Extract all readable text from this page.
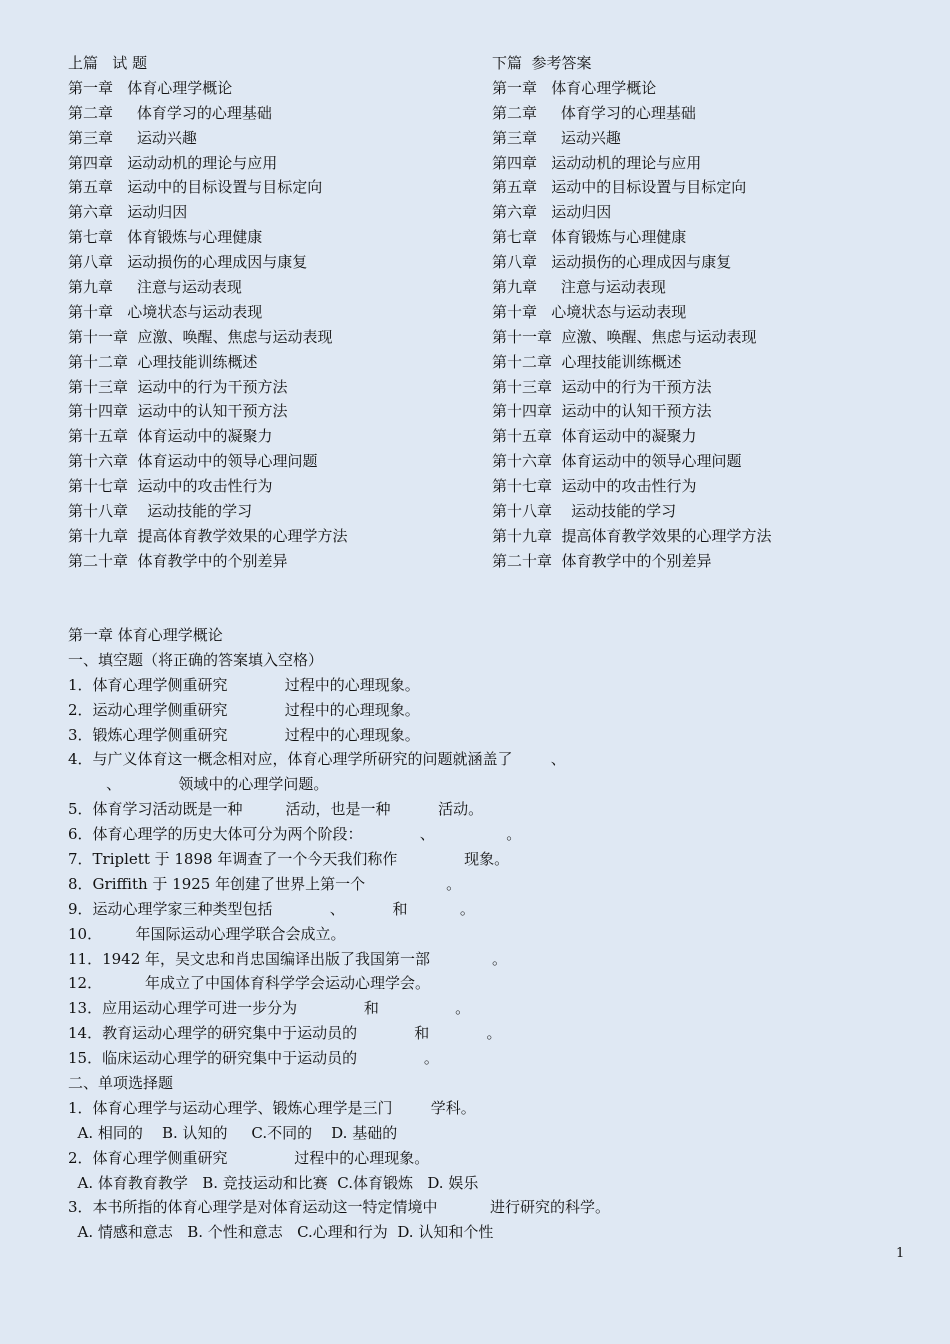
上篇   试 题
第一章   体育心理学概论
第二章     体育学习的心理基础
第三章     运动兴趣
第四章   运动动机的理论与应用
第五章   运动中的目标设置与目标定向
第六章   运动归因
第七章   体育锻炼与心理健康
第八章   运动损伤的心理成因与康复
第九章     注意与运动表现
第十章   心境状态与运动表现
第十一章  应激、唤醒、焦虑与运动表现
第十二章  心理技能训练概述
第十三章  运动中的行为干预方法
第十四章  运动中的认知干预方法
第十五章  体育运动中的凝聚力
第十六章  体育运动中的领导心理问题
第十七章  运动中的攻击性行为
第十八章    运动技能的学习
第十九章  提高体育教学效果的心理学方法
第二十章  体育教学中的个别差异
下篇  参考答案
第一章   体育心理学概论
第二章     体育学习的心理基础
第三章     运动兴趣
第四章   运动动机的理论与应用
第五章   运动中的目标设置与目标定向
第六章   运动归因
第七章   体育锻炼与心理健康
第八章   运动损伤的心理成因与康复
第九章     注意与运动表现
第十章   心境状态与运动表现
第十一章  应激、唤醒、焦虑与运动表现
第十二章  心理技能训练概述
第十三章  运动中的行为干预方法
第十四章  运动中的认知干预方法
第十五章  体育运动中的凝聚力
第十六章  体育运动中的领导心理问题
第十七章  运动中的攻击性行为
第十八章    运动技能的学习
第十九章  提高体育教学效果的心理学方法
第二十章  体育教学中的个别差异
第一章 体育心理学概论
一、填空题（将正确的答案填入空格）
1．体育心理学侧重研究            过程中的心理现象。
2．运动心理学侧重研究            过程中的心理现象。
3．锻炼心理学侧重研究            过程中的心理现象。
4．与广义体育这一概念相对应，体育心理学所研究的问题就涵盖了        、
、            领域中的心理学问题。
5．体育学习活动既是一种         活动，也是一种          活动。
6．体育心理学的历史大体可分为两个阶段：            、               。
7．Triplett 于 1898 年调查了一个今天我们称作              现象。
8．Griffith 于 1925 年创建了世界上第一个                 。
9．运动心理学家三种类型包括            、          和           。
10．       年国际运动心理学联合会成立。
11．1942 年，吴文忠和肖忠国编译出版了我国第一部             。
12．         年成立了中国体育科学学会运动心理学会。
13．应用运动心理学可进一步分为              和                。
14．教育运动心理学的研究集中于运动员的            和            。
15．临床运动心理学的研究集中于运动员的              。
二、单项选择题
1．体育心理学与运动心理学、锻炼心理学是三门        学科。
A. 相同的    B. 认知的     C.不同的    D. 基础的
2．体育心理学侧重研究              过程中的心理现象。
A. 体育教育教学   B. 竞技运动和比赛  C.体育锻炼   D. 娱乐
3．本书所指的体育心理学是对体育运动这一特定情境中           进行研究的科学。
A. 情感和意志   B. 个性和意志   C.心理和行为  D. 认知和个性
1
